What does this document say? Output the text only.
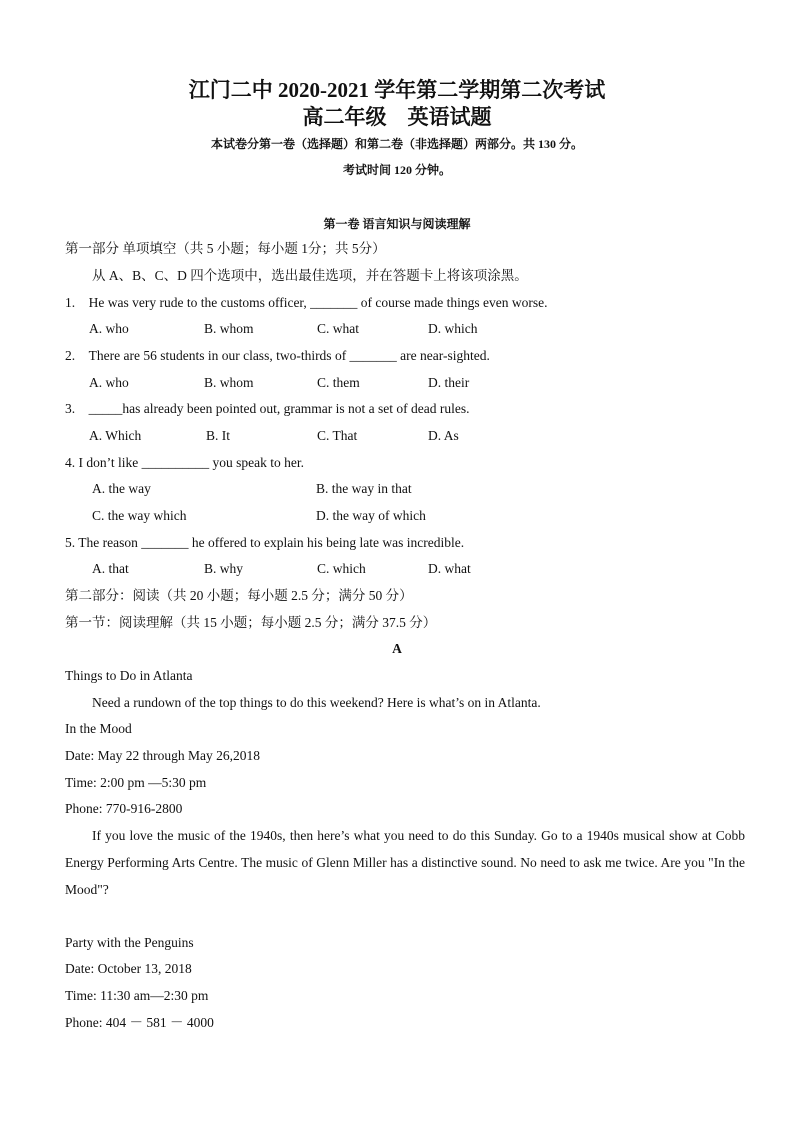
江门二中 2020-2021 学年第二学期第二次考试
高二年级　英语试题
本试卷分第一卷（选择题）和第二卷（非选择题）两部分。共 130 分。
考试时间 120 分钟。
第一卷 语言知识与阅读理解
第一部分 单项填空（共 5 小题；每小题 1分；共 5分）
从 A、B、C、D 四个选项中，选出最佳选项，并在答题卡上将该项涂黑。
1.　He was very rude to the customs officer, _______ of course made things even worse.
A. who	B. whom	C. what	D. which
2.　There are 56 students in our class, two-thirds of _______ are near-sighted.
A. who	B. whom	C. them	D. their
3.　_____has already been pointed out, grammar is not a set of dead rules.
A. Which	B. It	C. That	D. As
4. I don’t like __________ you speak to her.
A. the way	B. the way in that
C. the way which	D. the way of which
5. The reason _______ he offered to explain his being late was incredible.
A. that	B. why	C. which	D. what
第二部分：阅读（共 20 小题；每小题 2.5 分；满分 50 分）
第一节：阅读理解（共 15 小题；每小题 2.5 分；满分 37.5 分）
A
Things to Do in Atlanta
Need a rundown of the top things to do this weekend? Here is what’s on in Atlanta.
In the Mood
Date: May 22 through May 26,2018
Time: 2:00 pm —5:30 pm
Phone: 770-916-2800
If you love the music of the 1940s, then here’s what you need to do this Sunday. Go to a 1940s musical show at Cobb Energy Performing Arts Centre. The music of Glenn Miller has a distinctive sound. No need to ask me twice. Are you "In the Mood"?
Party with the Penguins
Date: October 13, 2018
Time: 11:30 am—2:30 pm
Phone: 404 － 581 － 4000
